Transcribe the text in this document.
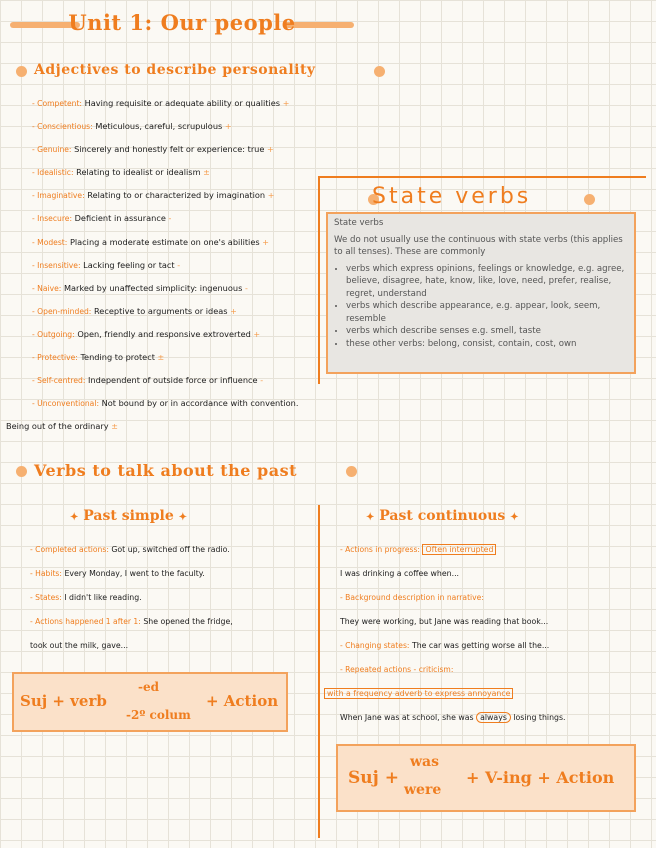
Unit 1: Our people
Adjectives to describe personality
- Competent: Having requisite or adequate ability or qualities +
- Conscientious: Meticulous, careful, scrupulous +
- Genuine: Sincerely and honestly felt or experience: true +
- Idealistic: Relating to idealist or idealism ±
- Imaginative: Relating to or characterized by imagination +
- Insecure: Deficient in assurance -
- Modest: Placing a moderate estimate on one's abilities +
- Insensitive: Lacking feeling or tact -
- Naive: Marked by unaffected simplicity: ingenuous -
- Open-minded: Receptive to arguments or ideas +
- Outgoing: Open, friendly and responsive extroverted +
- Protective: Tending to protect ±
- Self-centred: Independent of outside force or influence -
- Unconventional: Not bound by or in accordance with convention.
Being out of the ordinary ±
State verbs

State verbs

We do not usually use the continuous with state verbs (this applies to all tenses). These are commonly

• verbs which express opinions, feelings or knowledge, e.g. agree, believe, disagree, hate, know, like, love, need, prefer, realise, regret, understand
• verbs which describe appearance, e.g. appear, look, seem, resemble
• verbs which describe senses e.g. smell, taste
• these other verbs: belong, consist, contain, cost, own
Verbs to talk about the past
✦ Past simple ✦
- Completed actions: Got up, switched off the radio.
- Habits: Every Monday, I went to the faculty.
- States: I didn't like reading.
- Actions happened 1 after 1: She opened the fridge,
took out the milk, gave...
Suj + verb
-ed
-2º colum
+ Action
✦ Past continuous ✦
- Actions in progress: Often interrupted
I was drinking a coffee when...
- Background description in narrative:
They were working, but Jane was reading that book...
- Changing states: The car was getting worse all the...
- Repeated actions - criticism:
with a frequency adverb to express annoyance
When Jane was at school, she was always losing things.
Suj +
was
were
+ V-ing + Action
